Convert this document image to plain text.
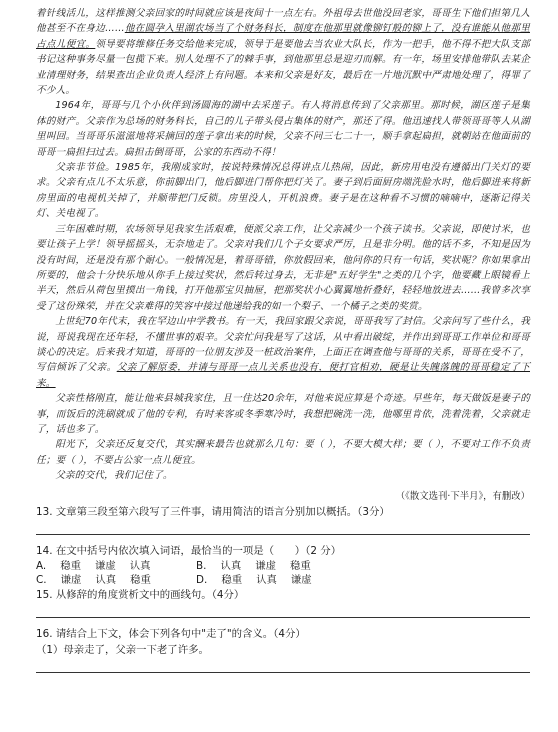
着针线活儿，这样推测父亲回家的时间就应该是夜间十一点左右。外祖母去世他没回老家，哥哥生下他们担第几人他甚至不在身边……他在圆孕入里湖农场当了个财务科长，制度在他那里就像铆钉般的铆上了，没有谁能从他那里占点儿便宜。领导要将维修任务交给他来完成，领导于是要他去当农业大队长，作为一把手，他不得不把大队支部书记这种事务尽量一包揽下来。别人处理不了的棘手事，到他那里总是迎刃而解。有一年，场里安排他带队去某企业清理财务，结果查出企业负责人经济上有问题。本来和父亲是好友，最后在一片地沉默中严肃地处理了，得罪了不少人。

1964年，哥哥与几个小伙伴到汤圆海的湖中去采莲子。有人将消息传到了父亲那里。那时候，湖区莲子是集体的财产。父亲作为总场的财务科长，自己的儿子带头侵占集体的财产，那还了得。他迅速找人带领哥哥等人从湖里叫回。当哥哥乐滋滋地将采摘回的莲子拿出来的时候，父亲不问三七二十一，顺手拿起扁担，就朝站在他面前的哥哥一扁担扫过去。扁担击倒哥哥，公家的东西动不得！

父亲非节俭。1985年，我刚成家时，按说特殊情况总得讲点儿热闹，因此，新房用电没有遵循出门关灯的要求。父亲有点儿不太乐意，你前脚出门，他后脚进门帮你把灯关了。妻子到后面厨房端洗脸水时，他后脚进来将新房里面的电视机关掉了，并顺带把门反锁。房里没人，开机浪费。妻子是在这种看不习惯的嘀嘀中，逐渐记得关灯、关电视了。

三年困难时期，农场领导见我家生活艰难，便派父亲工作，让父亲减少一个孩子读书。父亲说，即使讨米，也要让孩子上学！领导摇摇头，无奈地走了。父亲对我们几个子女要求严厉，且是非分明。他的话不多，不知是因为没有时间，还是没有那个耐心。一般情况是，着哥哥错，你放假回来，他问你的只有一句话，奖状呢？你如果拿出所要的，他会十分快乐地从你手上接过奖状，然后转过身去，无非是"五好学生"之类的几个字，他要藏上眼镜看上半天，然后从荷包里摸出一角钱，打开他那宝贝抽屉，把那奖状小心翼翼地折叠好，轻轻地放进去……我曾多次享受了这份殊荣，并在父亲难得的笑容中接过他递给我的如一个梨子、一个橘子之类的奖赏。

上世纪70年代末，我在罕边山中学教书。有一天，我回家跟父亲说，哥哥我写了封信。父亲问写了些什么，我说，哥说我现在还年轻，不懂世事的艰辛。父亲忙问我是写了这话，从中看出破绽，并作出到哥哥工作单位和哥哥谈心的决定。后来我才知道，哥哥的一位朋友涉及一桩政治案件，上面正在调查他与哥哥的关系，哥哥在受不了，写信倾诉了父亲。父亲了解原委，并请与哥哥一点儿关系也没有，便打官相劝，硬是让失魄落魄的哥哥稳定了下来。

父亲性格刚直，能让他来县城我家住，且一住达20余年，对他来说应算是个奇迹。早些年，每天做饭是妻子的事，而饭后的洗刷就成了他的专利，有时来客或冬季寒冷时，我想把碗洗一洗，他哪里肯依，洗着洗着，父亲就走了，话也多了。

阳光下，父亲还反复交代，其实酬来最告也就那么几句：要（ ），不要大模大样；要（ ），不要对工作不负责任；要（ ），不要占公家一点儿便宜。

父亲的交代，我们记住了。

（《散文选刊·下半月》，有删改）

13. 文章第三段至第六段写了三件事，请用简洁的语言分别加以概括。（3分）

14. 在文中括号内依次填入词语，最恰当的一项是（　　）（2 分）

A. 稳重 谦虚 认真	B. 认真 谦虚 稳重
C. 谦虚 认真 稳重	D. 稳重 认真 谦虚

15. 从修辞的角度赏析文中的画线句。（4分）

16. 请结合上下文，体会下列各句中"走了"的含义。（4分）

（1）母亲走了，父亲一下老了许多。
